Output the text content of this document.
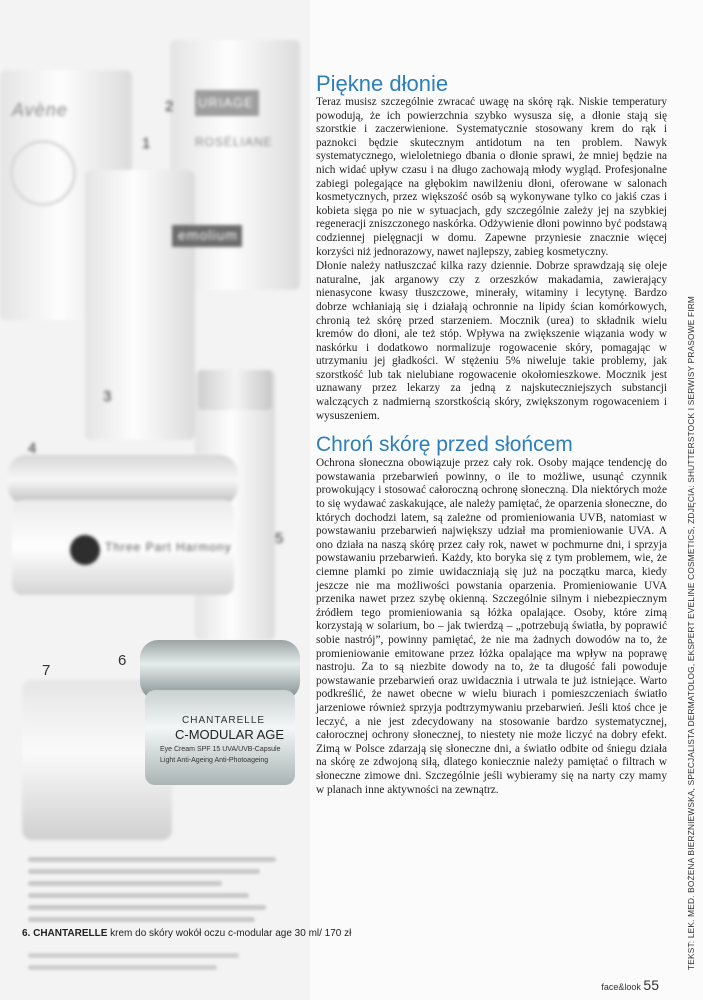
Avène	URIAGE
ROSÉLIANE
emolium
Three Part Harmony
CHANTARELLE
C-MODULAR AGE
Eye Cream SPF 15 UVA/UVB-Capsule
Light Anti-Ageing Anti-Photoageing
1
2
3
4
5
6
7
6. CHANTARELLE krem do skóry wokół oczu c-modular age 30 ml/ 170 zł
Piękne dłonie

Teraz musisz szczególnie zwracać uwagę na skórę rąk. Niskie temperatury powodują, że ich powierzchnia szybko wysusza się, a dłonie stają się szorstkie i zaczerwienione. Systematycznie stosowany krem do rąk i paznokci będzie skutecznym antidotum na ten problem. Nawyk systematycznego, wieloletniego dbania o dłonie sprawi, że mniej będzie na nich widać upływ czasu i na długo zachowają młody wygląd. Profesjonalne zabiegi polegające na głębokim nawilżeniu dłoni, oferowane w salonach kosmetycznych, przez większość osób są wykonywane tylko co jakiś czas i kobieta sięga po nie w sytuacjach, gdy szczególnie zależy jej na szybkiej regeneracji zniszczonego naskórka. Odżywienie dłoni powinno być podstawą codziennej pielęgnacji w domu. Zapewne przyniesie znacznie więcej korzyści niż jednorazowy, nawet najlepszy, zabieg kosmetyczny.

Dłonie należy natłuszczać kilka razy dziennie. Dobrze sprawdzają się oleje naturalne, jak arganowy czy z orzeszków makadamia, zawierający nienasycone kwasy tłuszczowe, minerały, witaminy i lecytynę. Bardzo dobrze wchłaniają się i działają ochronnie na lipidy ścian komórkowych, chronią też skórę przed starzeniem. Mocznik (urea) to składnik wielu kremów do dłoni, ale też stóp. Wpływa na zwiększenie wiązania wody w naskórku i dodatkowo normalizuje rogowacenie skóry, pomagając w utrzymaniu jej gładkości. W stężeniu 5% niweluje takie problemy, jak szorstkość lub tak nielubiane rogowacenie okołomieszkowe. Mocznik jest uznawany przez lekarzy za jedną z najskuteczniejszych substancji walczących z nadmierną szorstkością skóry, zwiększonym rogowaceniem i wysuszeniem.

Chroń skórę przed słońcem

Ochrona słoneczna obowiązuje przez cały rok. Osoby mające tendencję do powstawania przebarwień powinny, o ile to możliwe, usunąć czynnik prowokujący i stosować całoroczną ochronę słoneczną. Dla niektórych może to się wydawać zaskakujące, ale należy pamiętać, że oparzenia słoneczne, do których dochodzi latem, są zależne od promieniowania UVB, natomiast w powstawaniu przebarwień największy udział ma promieniowanie UVA. A ono działa na naszą skórę przez cały rok, nawet w pochmurne dni, i sprzyja powstawaniu przebarwień. Każdy, kto boryka się z tym problemem, wie, że ciemne plamki po zimie uwidaczniają się już na początku marca, kiedy jeszcze nie ma możliwości powstania oparzenia. Promieniowanie UVA przenika nawet przez szybę okienną. Szczególnie silnym i niebezpiecznym źródłem tego promieniowania są łóżka opalające. Osoby, które zimą korzystają w solarium, bo – jak twierdzą – „potrzebują światła, by poprawić sobie nastrój”, powinny pamiętać, że nie ma żadnych dowodów na to, że promieniowanie emitowane przez łóżka opalające ma wpływ na poprawę nastroju. Za to są niezbite dowody na to, że ta długość fali powoduje powstawanie przebarwień oraz uwidacznia i utrwala te już istniejące. Warto podkreślić, że nawet obecne w wielu biurach i pomieszczeniach światło jarzeniowe również sprzyja podtrzymywaniu przebarwień. Jeśli ktoś chce je leczyć, a nie jest zdecydowany na stosowanie bardzo systematycznej, całorocznej ochrony słonecznej, to niestety nie może liczyć na dobry efekt. Zimą w Polsce zdarzają się słoneczne dni, a światło odbite od śniegu działa na skórę ze zdwojoną siłą, dlatego koniecznie należy pamiętać o filtrach w słoneczne zimowe dni. Szczególnie jeśli wybieramy się na narty czy mamy w planach inne aktywności na zewnątrz.	TEKST: LEK. MED. BOŻENA BIERZNIEWSKA, SPECJALISTA DERMATOLOG, EKSPERT EVELINE COSMETICS, ZDJĘCIA: SHUTTERSTOCK I SERWISY PRASOWE FIRM
face&look 55
